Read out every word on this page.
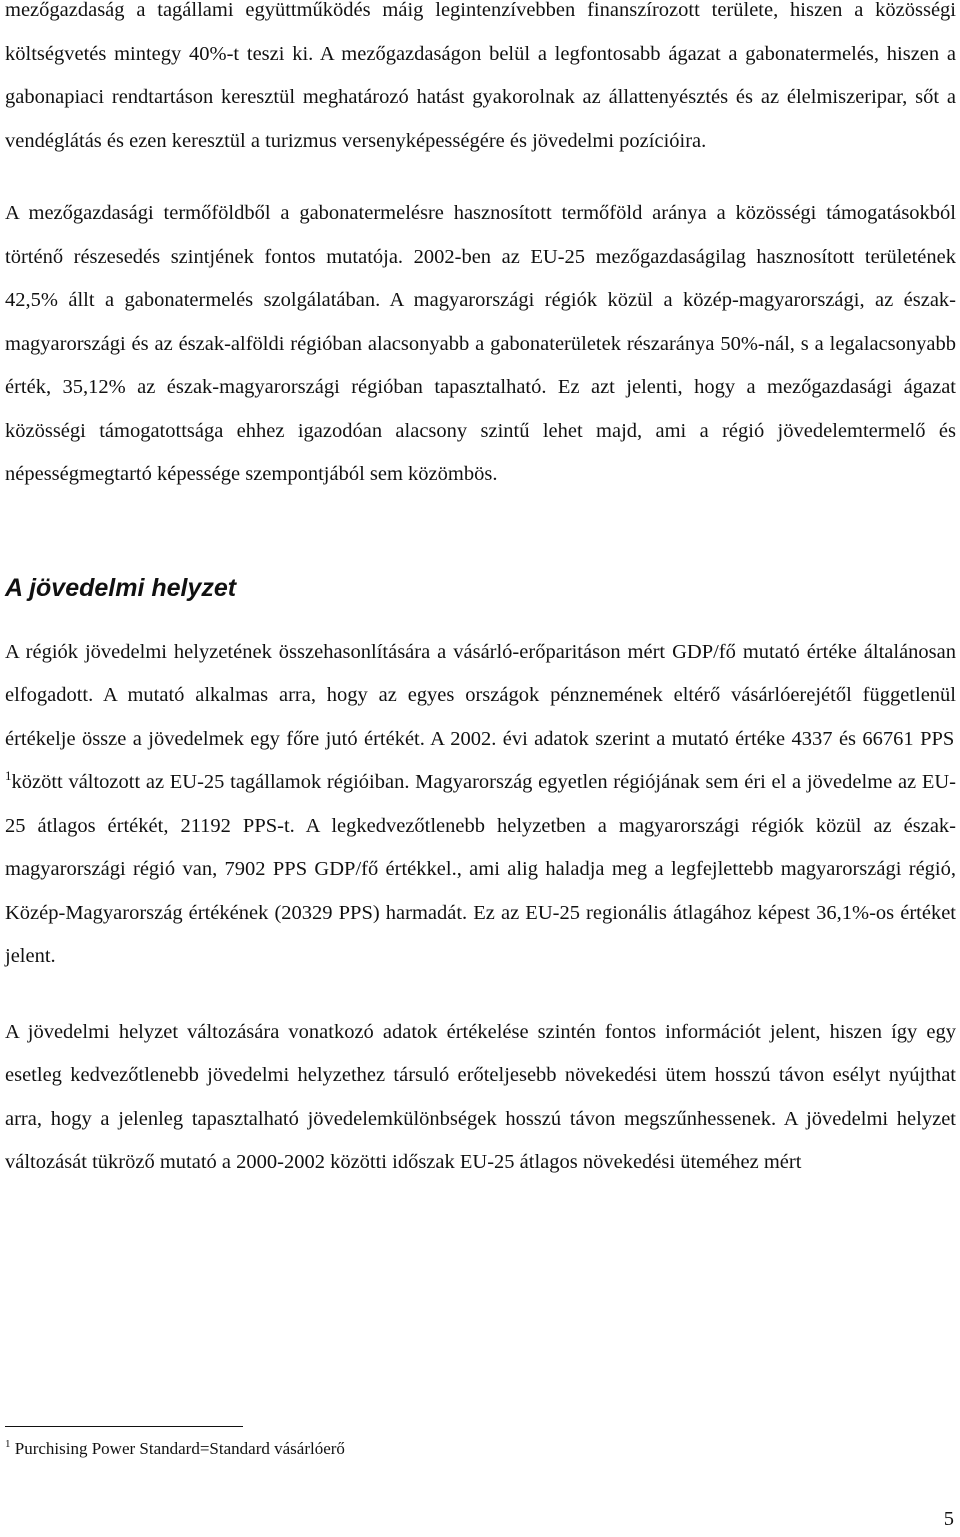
mezőgazdaság a tagállami együttműködés máig legintenzívebben finanszírozott területe, hiszen a közösségi költségvetés mintegy 40%-t teszi ki. A mezőgazdaságon belül a legfontosabb ágazat a gabonatermelés, hiszen a gabonapiaci rendtartáson keresztül meghatározó hatást gyakorolnak az állattenyésztés és az élelmiszeripar, sőt a vendéglátás és ezen keresztül a turizmus versenyképességére és jövedelmi pozícióira.

A mezőgazdasági termőföldből a gabonatermelésre hasznosított termőföld aránya a közösségi támogatásokból történő részesedés szintjének fontos mutatója. 2002-ben az EU-25 mezőgazdaságilag hasznosított területének 42,5% állt a gabonatermelés szolgálatában. A magyarországi régiók közül a közép-magyarországi, az észak-magyarországi és az észak-alföldi régióban alacsonyabb a gabonaterületek részaránya 50%-nál, s a legalacsonyabb érték, 35,12% az észak-magyarországi régióban tapasztalható. Ez azt jelenti, hogy a mezőgazdasági ágazat közösségi támogatottsága ehhez igazodóan alacsony szintű lehet majd, ami a régió jövedelemtermelő és népességmegtartó képessége szempontjából sem közömbös.

A jövedelmi helyzet

A régiók jövedelmi helyzetének összehasonlítására a vásárló-erőparitáson mért GDP/fő mutató értéke általánosan elfogadott. A mutató alkalmas arra, hogy az egyes országok pénznemének eltérő vásárlóerejétől függetlenül értékelje össze a jövedelmek egy főre jutó értékét. A 2002. évi adatok szerint a mutató értéke 4337 és 66761 PPS $^1$között változott az EU-25 tagállamok régióiban. Magyarország egyetlen régiójának sem éri el a jövedelme az EU-25 átlagos értékét, 21192 PPS-t. A legkedvezőtlenebb helyzetben a magyarországi régiók közül az észak-magyarországi régió van, 7902 PPS GDP/fő értékkel., ami alig haladja meg a legfejlettebb magyarországi régió, Közép-Magyarország értékének (20329 PPS) harmadát. Ez az EU-25 regionális átlagához képest 36,1%-os értéket jelent.

A jövedelmi helyzet változására vonatkozó adatok értékelése szintén fontos információt jelent, hiszen így egy esetleg kedvezőtlenebb jövedelmi helyzethez társuló erőteljesebb növekedési ütem hosszú távon esélyt nyújthat arra, hogy a jelenleg tapasztalható jövedelemkülönbségek hosszú távon megszűnhessenek. A jövedelmi helyzet változását tükröző mutató a 2000-2002 közötti időszak EU-25 átlagos növekedési üteméhez mért

$^1$ Purchising Power Standard=Standard vásárlóerő

5
